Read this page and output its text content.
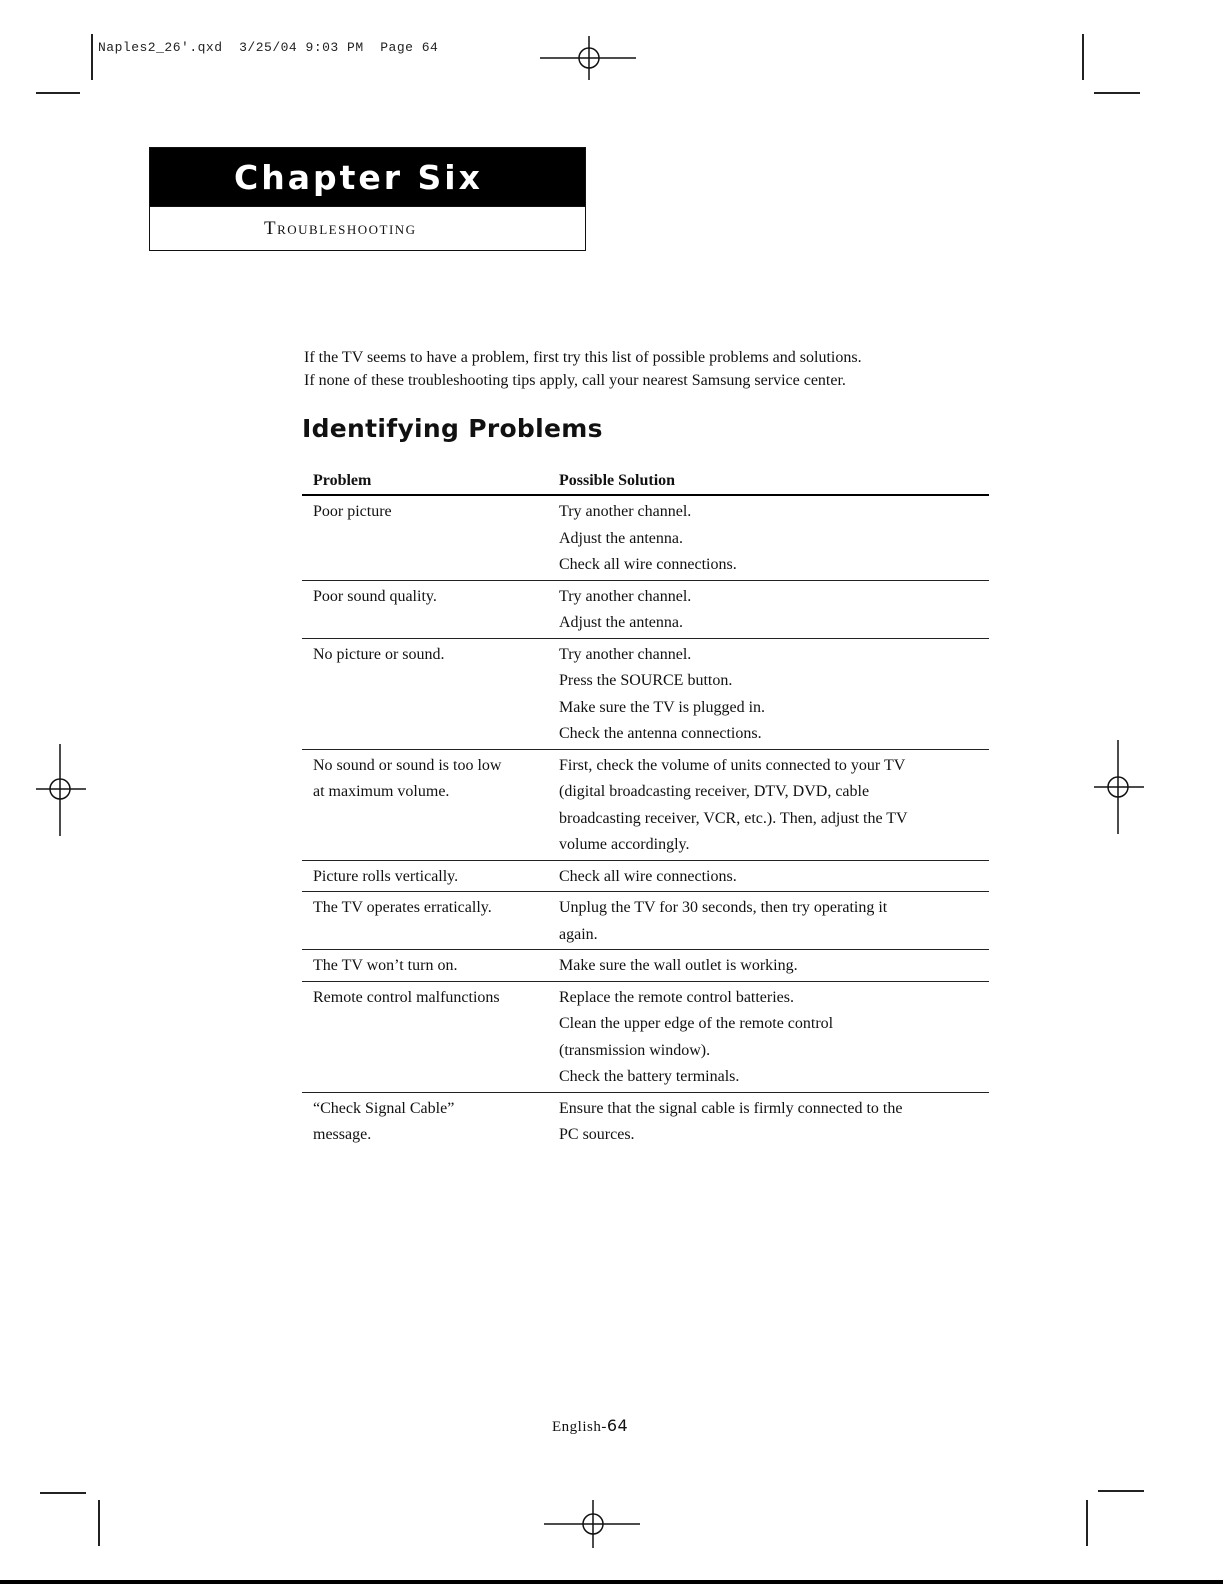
Naples2_26'.qxd  3/25/04 9:03 PM  Page 64
Chapter Six
Troubleshooting
If the TV seems to have a problem, first try this list of possible problems and solutions.
If none of these troubleshooting tips apply, call your nearest Samsung service center.
Identifying Problems
Problem	Possible Solution

Poor picture	Try another channel.
Adjust the antenna.
Check all wire connections.

Poor sound quality.	Try another channel.
Adjust the antenna.

No picture or sound.	Try another channel.
Press the SOURCE button.
Make sure the TV is plugged in.
Check the antenna connections.

No sound or sound is too low
at maximum volume.	First, check the volume of units connected to your TV
(digital broadcasting receiver, DTV, DVD, cable
broadcasting receiver, VCR, etc.). Then, adjust the TV
volume accordingly.

Picture rolls vertically.	Check all wire connections.

The TV operates erratically.	Unplug the TV for 30 seconds, then try operating it
again.

The TV won’t turn on.	Make sure the wall outlet is working.

Remote control malfunctions	Replace the remote control batteries.
Clean the upper edge of the remote control
(transmission window).
Check the battery terminals.

“Check Signal Cable”
message.	Ensure that the signal cable is firmly connected to the
PC sources.
English-64
